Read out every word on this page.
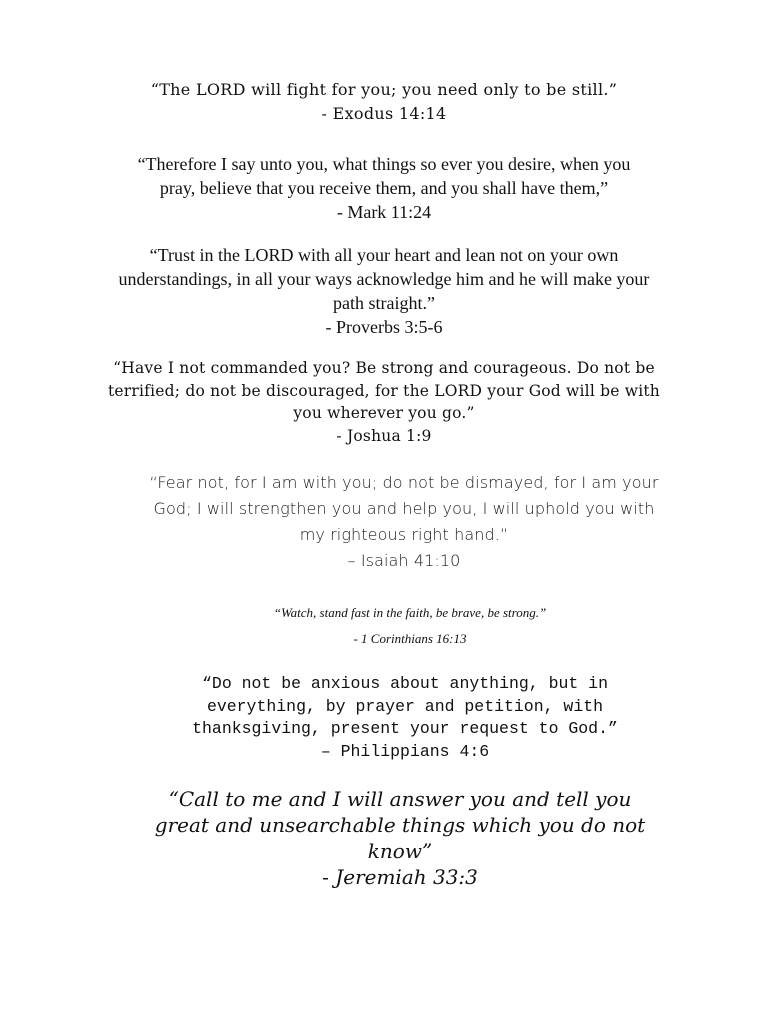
“The LORD will fight for you; you need only to be still.”

- Exodus 14:14

“Therefore I say unto you, what things so ever you desire, when you

pray, believe that you receive them, and you shall have them,”

- Mark 11:24

“Trust in the LORD with all your heart and lean not on your own

understandings, in all your ways acknowledge him and he will make your

path straight.”

- Proverbs 3:5-6

“Have I not commanded you? Be strong and courageous. Do not be

terrified; do not be discouraged, for the LORD your God will be with

you wherever you go.”

- Joshua 1:9

“Fear not, for I am with you; do not be dismayed, for I am your

God; I will strengthen you and help you, I will uphold you with

my righteous right hand.”

– Isaiah 41:10

“Watch, stand fast in the faith, be brave, be strong.”

- 1 Corinthians 16:13

“Do not be anxious about anything, but in

everything, by prayer and petition, with

thanksgiving, present your request to God.”

– Philippians 4:6

“Call to me and I will answer you and tell you

great and unsearchable things which you do not

know”

- Jeremiah 33:3
